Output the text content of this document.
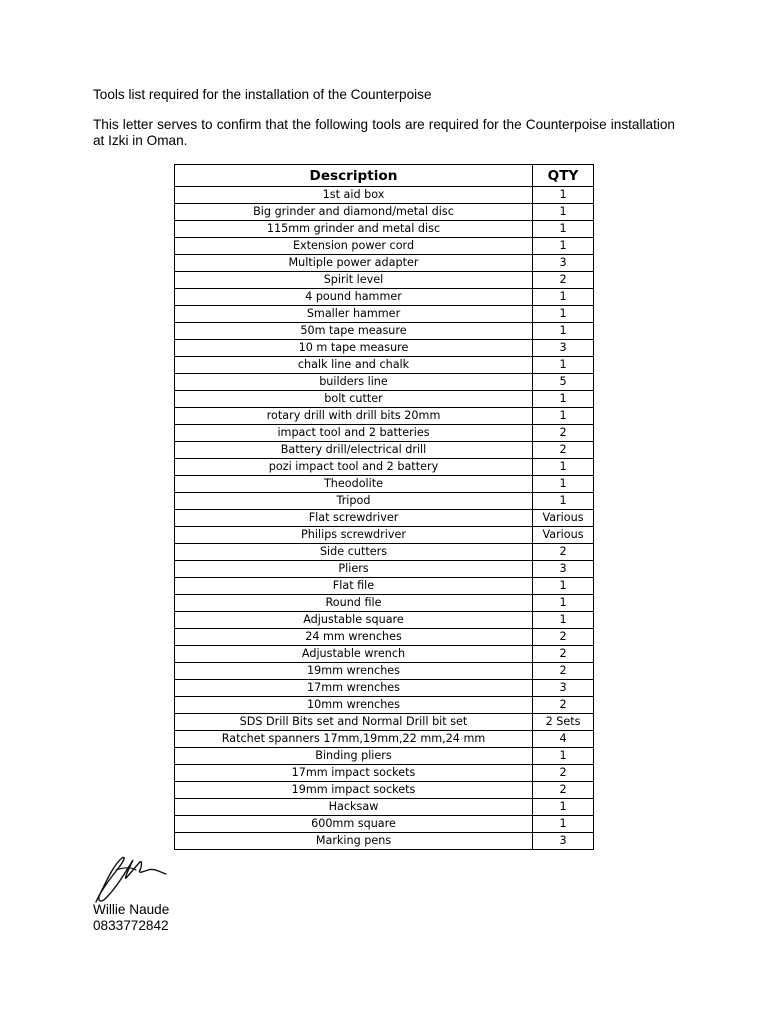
Tools list required for the installation of the Counterpoise
This letter serves to confirm that the following tools are required for the Counterpoise installation at Izki in Oman.
Description	QTY
1st aid box	1
Big grinder and diamond/metal disc	1
115mm grinder and metal disc	1
Extension power cord	1
Multiple power adapter	3
Spirit level	2
4 pound hammer	1
Smaller hammer	1
50m tape measure	1
10 m tape measure	3
chalk line and chalk	1
builders line	5
bolt cutter	1
rotary drill with drill bits 20mm	1
impact tool and 2 batteries	2
Battery drill/electrical drill	2
pozi impact tool and 2 battery	1
Theodolite	1
Tripod	1
Flat screwdriver	Various
Philips screwdriver	Various
Side cutters	2
Pliers	3
Flat file	1
Round file	1
Adjustable square	1
24 mm wrenches	2
Adjustable wrench	2
19mm wrenches	2
17mm wrenches	3
10mm wrenches	2
SDS Drill Bits set and Normal Drill bit set	2 Sets
Ratchet spanners 17mm,19mm,22 mm,24 mm	4
Binding pliers	1
17mm impact sockets	2
19mm impact sockets	2
Hacksaw	1
600mm square	1
Marking pens	3
Willie Naude
0833772842
